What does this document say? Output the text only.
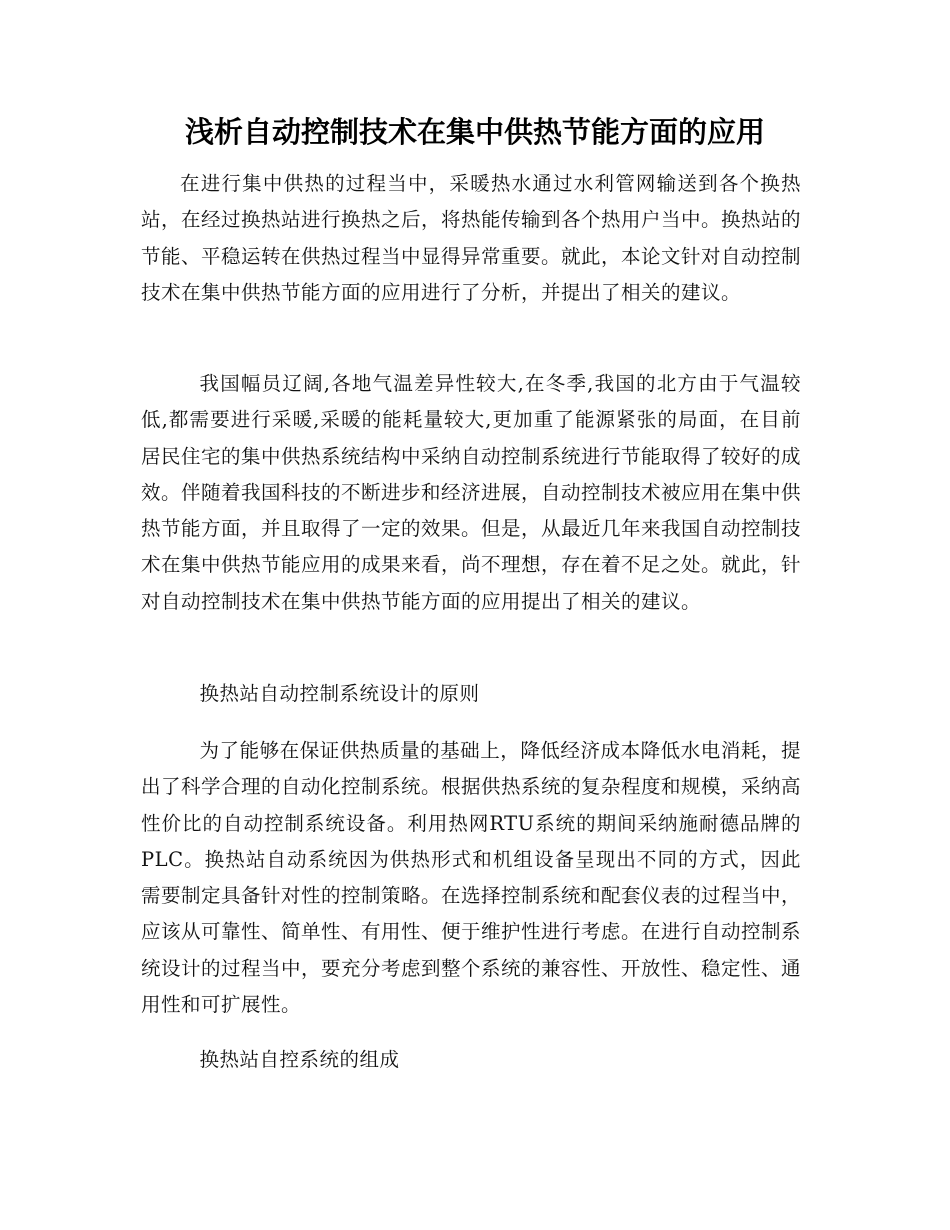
浅析自动控制技术在集中供热节能方面的应用

在进行集中供热的过程当中，采暖热水通过水利管网输送到各个换热站，在经过换热站进行换热之后，将热能传输到各个热用户当中。换热站的节能、平稳运转在供热过程当中显得异常重要。就此，本论文针对自动控制技术在集中供热节能方面的应用进行了分析，并提出了相关的建议。

我国幅员辽阔,各地气温差异性较大,在冬季,我国的北方由于气温较低,都需要进行采暖,采暖的能耗量较大,更加重了能源紧张的局面，在目前居民住宅的集中供热系统结构中采纳自动控制系统进行节能取得了较好的成效。伴随着我国科技的不断进步和经济进展，自动控制技术被应用在集中供热节能方面，并且取得了一定的效果。但是，从最近几年来我国自动控制技术在集中供热节能应用的成果来看，尚不理想，存在着不足之处。就此，针对自动控制技术在集中供热节能方面的应用提出了相关的建议。

换热站自动控制系统设计的原则

为了能够在保证供热质量的基础上，降低经济成本降低水电消耗，提出了科学合理的自动化控制系统。根据供热系统的复杂程度和规模，采纳高性价比的自动控制系统设备。利用热网RTU系统的期间采纳施耐德品牌的PLC。换热站自动系统因为供热形式和机组设备呈现出不同的方式，因此需要制定具备针对性的控制策略。在选择控制系统和配套仪表的过程当中，应该从可靠性、简单性、有用性、便于维护性进行考虑。在进行自动控制系统设计的过程当中，要充分考虑到整个系统的兼容性、开放性、稳定性、通用性和可扩展性。

换热站自控系统的组成
